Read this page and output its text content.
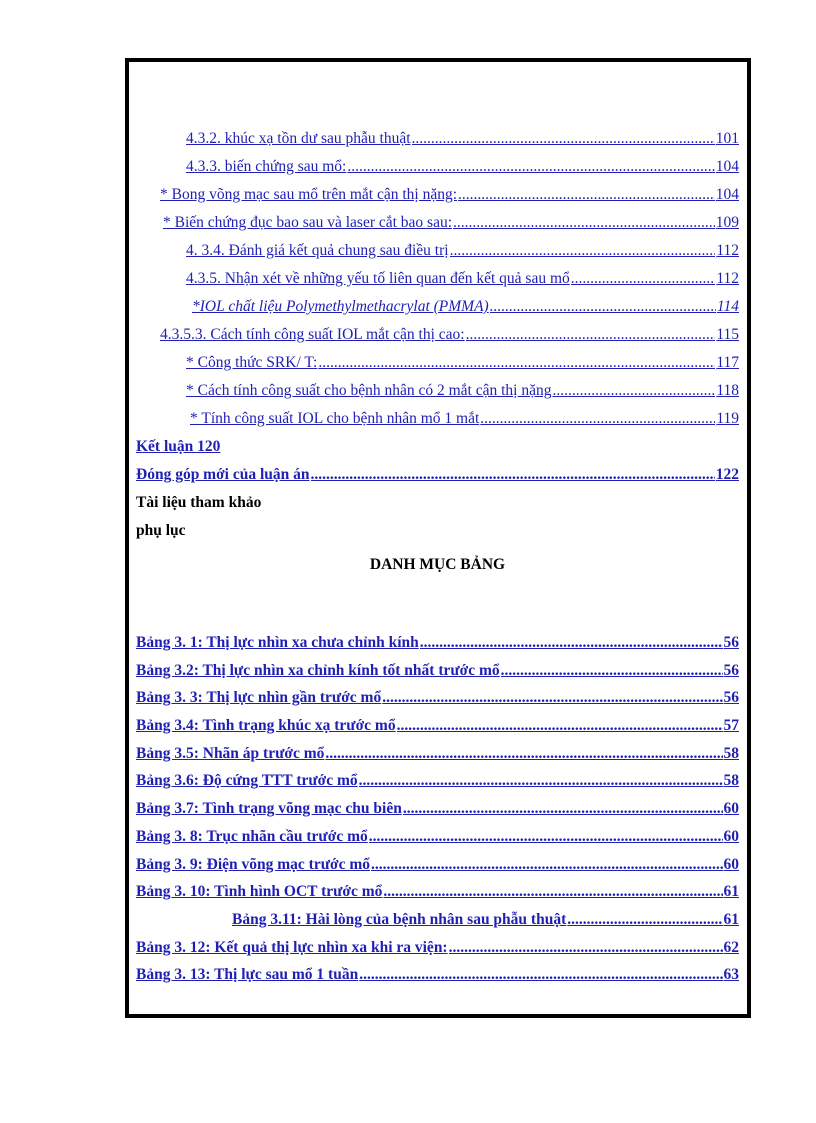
4.3.2. khúc xạ tồn dư sau phẫu thuật .....	101
4.3.3. biến chứng sau mổ: .....	104
* Bong võng mạc sau mổ trên mắt cận thị nặng: .....	104
* Biến chứng đục bao sau và laser cắt bao sau: .....	109
4. 3.4. Đánh giá kết quả chung sau điều trị .....	112
4.3.5. Nhận xét về những yếu tố liên quan đến kết quả sau mổ .....	112
*IOL chất liệu Polymethylmethacrylat (PMMA) .....	114
4.3.5.3. Cách tính công suất IOL mắt cận thị cao: .....	115
* Công thức SRK/ T: .....	117
* Cách tính công suất cho bệnh nhân có 2 mắt cận thị nặng .....	118
* Tính công suất IOL cho bệnh nhân mổ 1 mắt .....	119
Kết luận 120
Đóng góp mới của luận án .....	122
Tài liệu tham khảo
phụ lục
DANH MỤC BẢNG
Bảng 3. 1: Thị lực nhìn xa chưa chỉnh kính .....	56
Bảng 3.2: Thị lực nhìn xa chỉnh kính tốt nhất trước mổ .....	56
Bảng 3. 3: Thị lực nhìn gần trước mổ .....	56
Bảng 3.4: Tình trạng khúc xạ trước mổ .....	57
Bảng 3.5: Nhãn áp trước mổ .....	58
Bảng 3.6: Độ cứng TTT trước mổ .....	58
Bảng 3.7: Tình trạng võng mạc chu biên .....	60
Bảng 3. 8: Trục nhãn cầu trước mổ .....	60
Bảng 3. 9: Điện võng mạc trước mổ .....	60
Bảng 3. 10: Tình hình OCT trước mổ .....	61
Bảng 3.11: Hài lòng của bệnh nhân sau phẫu thuật .....	61
Bảng 3. 12: Kết quả thị lực nhìn xa khi ra viện: .....	62
Bảng 3. 13: Thị lực sau mổ 1 tuần .....	63
